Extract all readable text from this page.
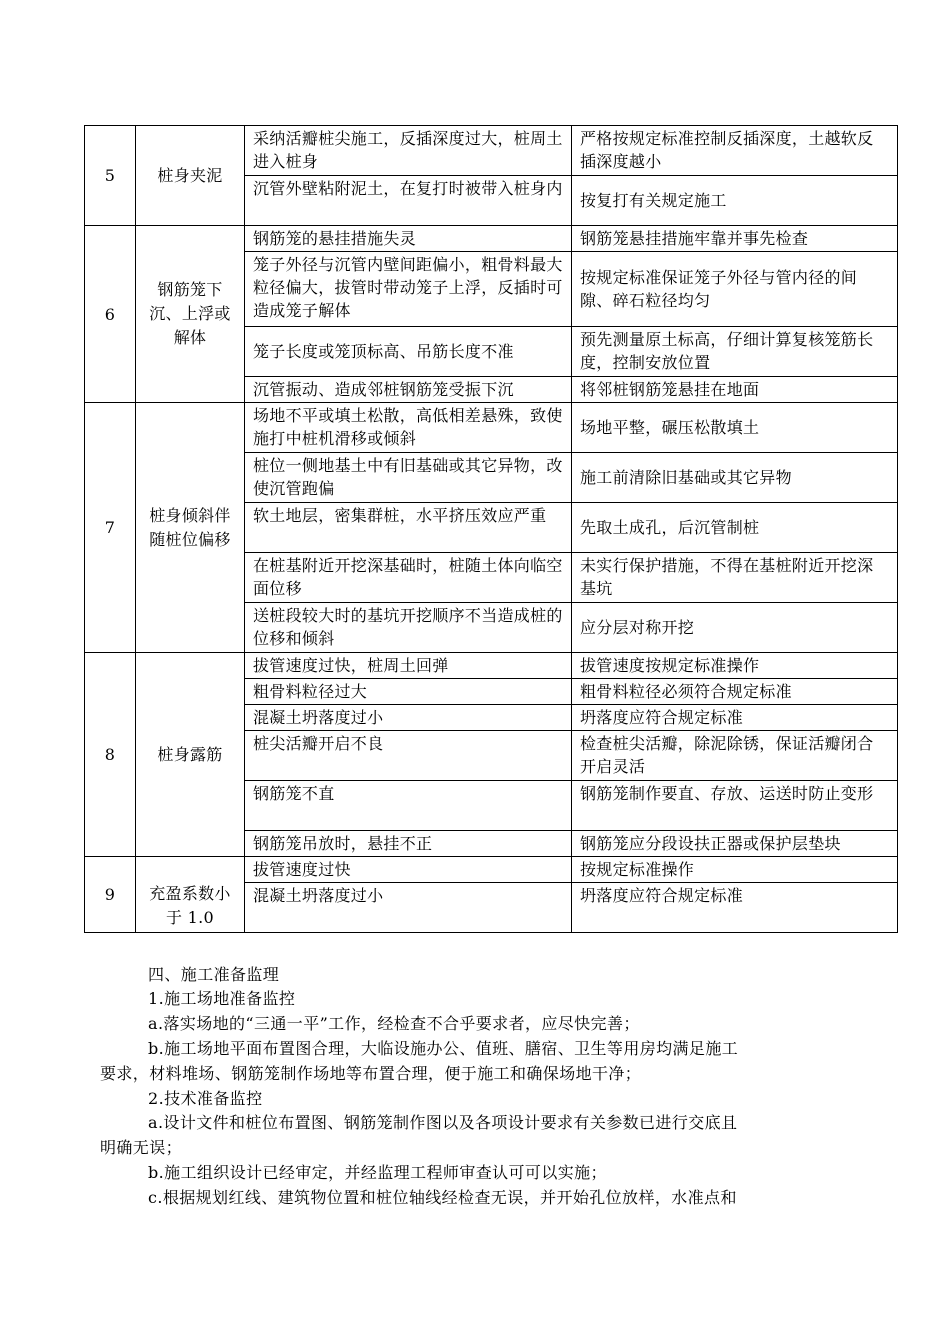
5	桩身夹泥	采纳活瓣桩尖施工，反插深度过大，桩周土进入桩身	严格按规定标准控制反插深度，土越软反插深度越小
		沉管外壁粘附泥土，在复打时被带入桩身内	按复打有关规定施工
6	钢筋笼下沉、上浮或解体	钢筋笼的悬挂措施失灵	钢筋笼悬挂措施牢靠并事先检查
		笼子外径与沉管内壁间距偏小，粗骨料最大粒径偏大，拔管时带动笼子上浮，反插时可造成笼子解体	按规定标准保证笼子外径与管内径的间隙、碎石粒径均匀
		笼子长度或笼顶标高、吊筋长度不准	预先测量原土标高，仔细计算复核笼筋长度，控制安放位置
		沉管振动、造成邻桩钢筋笼受振下沉	将邻桩钢筋笼悬挂在地面
7	桩身倾斜伴随桩位偏移	场地不平或填土松散，高低相差悬殊，致使施打中桩机滑移或倾斜	场地平整，碾压松散填土
		桩位一侧地基土中有旧基础或其它异物，改使沉管跑偏	施工前清除旧基础或其它异物
		软土地层，密集群桩，水平挤压效应严重	先取土成孔，后沉管制桩
		在桩基附近开挖深基础时，桩随土体向临空面位移	未实行保护措施，不得在基桩附近开挖深基坑
		送桩段较大时的基坑开挖顺序不当造成桩的位移和倾斜	应分层对称开挖
8	桩身露筋	拔管速度过快，桩周土回弹	拔管速度按规定标准操作
		粗骨料粒径过大	粗骨料粒径必须符合规定标准
		混凝土坍落度过小	坍落度应符合规定标准
		桩尖活瓣开启不良	检查桩尖活瓣，除泥除锈，保证活瓣闭合开启灵活
		钢筋笼不直	钢筋笼制作要直、存放、运送时防止变形
		钢筋笼吊放时，悬挂不正	钢筋笼应分段设扶正器或保护层垫块
9	充盈系数小于 1.0	拔管速度过快	按规定标准操作
		混凝土坍落度过小	坍落度应符合规定标准

四、施工准备监理

1.施工场地准备监控

a.落实场地的“三通一平”工作，经检查不合乎要求者，应尽快完善；

b.施工场地平面布置图合理，大临设施办公、值班、膳宿、卫生等用房均满足施工

要求，材料堆场、钢筋笼制作场地等布置合理，便于施工和确保场地干净；

2.技术准备监控

a.设计文件和桩位布置图、钢筋笼制作图以及各项设计要求有关参数已进行交底且

明确无误；

b.施工组织设计已经审定，并经监理工程师审查认可可以实施；

c.根据规划红线、建筑物位置和桩位轴线经检查无误，并开始孔位放样，水准点和
